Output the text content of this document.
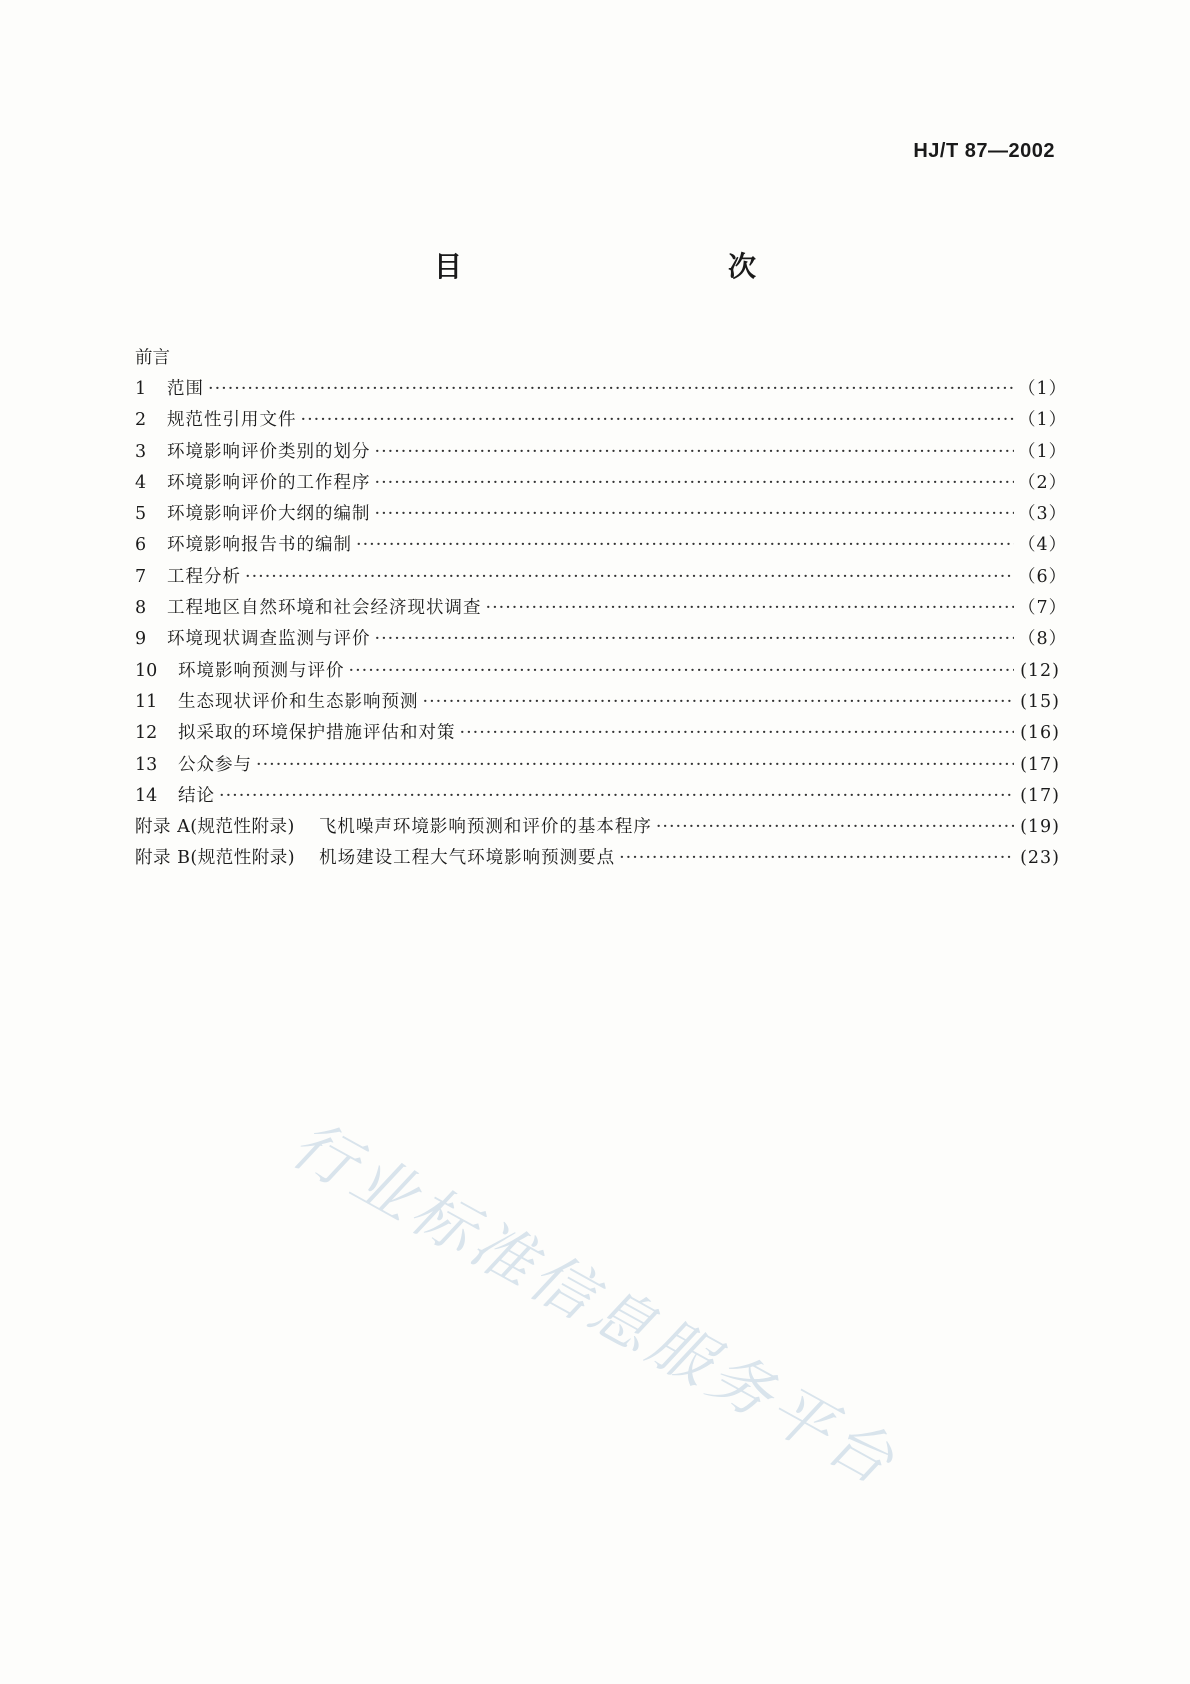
HJ/T 87—2002
目　　次
前言
1	范围 ·····	（1）
2	规范性引用文件 ·····	（1）
3	环境影响评价类别的划分 ·····	（1）
4	环境影响评价的工作程序 ·····	（2）
5	环境影响评价大纲的编制 ·····	（3）
6	环境影响报告书的编制 ·····	（4）
7	工程分析 ·····	（6）
8	工程地区自然环境和社会经济现状调查 ·····	（7）
9	环境现状调查监测与评价 ·····	（8）
10	环境影响预测与评价 ·····	(12)
11	生态现状评价和生态影响预测 ·····	(15)
12	拟采取的环境保护措施评估和对策 ·····	(16)
13	公众参与 ·····	(17)
14	结论 ·····	(17)
附录 A(规范性附录) 飞机噪声环境影响预测和评价的基本程序 ·····	(19)
附录 B(规范性附录) 机场建设工程大气环境影响预测要点 ·····	(23)
行业标准信息服务平台
